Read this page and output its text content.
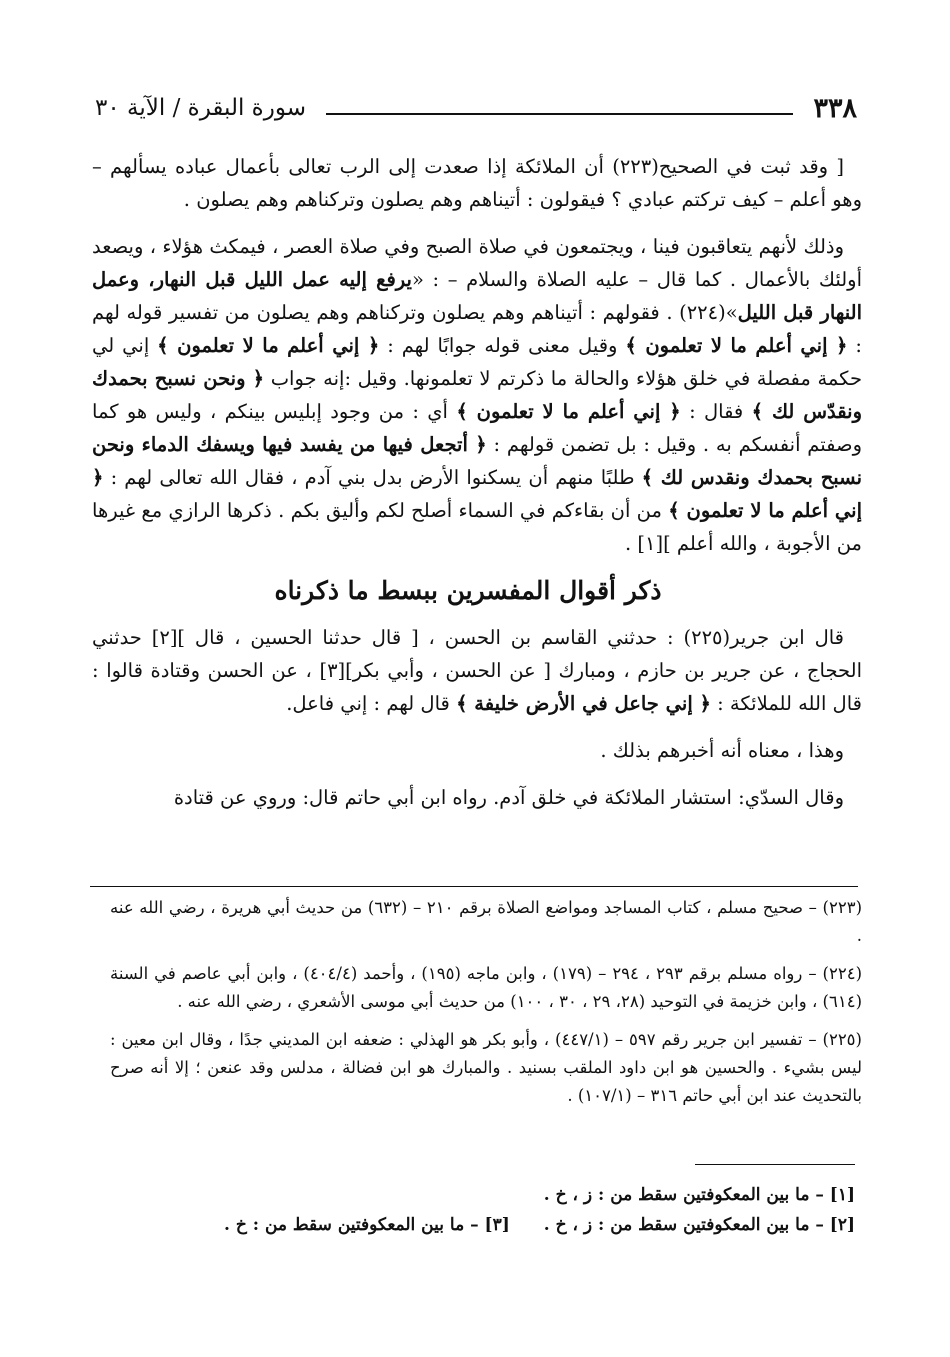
سورة البقرة / الآية ٣٠	٣٣٨

[ وقد ثبت في الصحيح(٢٢٣) أن الملائكة إذا صعدت إلى الرب تعالى بأعمال عباده يسألهم – وهو أعلم – كيف تركتم عبادي ؟ فيقولون : أتيناهم وهم يصلون وتركناهم وهم يصلون .

وذلك لأنهم يتعاقبون فينا ، ويجتمعون في صلاة الصبح وفي صلاة العصر ، فيمكث هؤلاء ، ويصعد أولئك بالأعمال . كما قال – عليه الصلاة والسلام – : «يرفع إليه عمل الليل قبل النهار، وعمل النهار قبل الليل»(٢٢٤) . فقولهم : أتيناهم وهم يصلون وتركناهم وهم يصلون من تفسير قوله لهم : ﴿ إني أعلم ما لا تعلمون ﴾ وقيل معنى قوله جوابًا لهم : ﴿ إني أعلم ما لا تعلمون ﴾ إني لي حكمة مفصلة في خلق هؤلاء والحالة ما ذكرتم لا تعلمونها. وقيل :إنه جواب ﴿ ونحن نسبح بحمدك ونقدّس لك ﴾ فقال : ﴿ إني أعلم ما لا تعلمون ﴾ أي : من وجود إبليس بينكم ، وليس هو كما وصفتم أنفسكم به . وقيل : بل تضمن قولهم : ﴿ أتجعل فيها من يفسد فيها ويسفك الدماء ونحن نسبح بحمدك ونقدس لك ﴾ طلبًا منهم أن يسكنوا الأرض بدل بني آدم ، فقال الله تعالى لهم : ﴿ إني أعلم ما لا تعلمون ﴾ من أن بقاءكم في السماء أصلح لكم وأليق بكم . ذكرها الرازي مع غيرها من الأجوبة ، والله أعلم ][١] .

ذكر أقوال المفسرين ببسط ما ذكرناه

قال ابن جرير(٢٢٥) : حدثني القاسم بن الحسن ، [ قال حدثنا الحسين ، قال ][٢] حدثني الحجاج ، عن جرير بن حازم ، ومبارك [ عن الحسن ، وأبي بكر][٣] ، عن الحسن وقتادة قالوا : قال الله للملائكة : ﴿ إني جاعل في الأرض خليفة ﴾ قال لهم : إني فاعل.

وهذا ، معناه أنه أخبرهم بذلك .

وقال السدّي: استشار الملائكة في خلق آدم. رواه ابن أبي حاتم قال: وروي عن قتادة

(٢٢٣) – صحيح مسلم ، كتاب المساجد ومواضع الصلاة برقم ٢١٠ – (٦٣٢) من حديث أبي هريرة ، رضي الله عنه .

(٢٢٤) – رواه مسلم برقم ٢٩٣ ، ٢٩٤ – (١٧٩) ، وابن ماجه (١٩٥) ، وأحمد (٤٠٤/٤) ، وابن أبي عاصم في السنة (٦١٤) ، وابن خزيمة في التوحيد (٢٨، ٢٩ ، ٣٠ ، ١٠٠) من حديث أبي موسى الأشعري ، رضي الله عنه .

(٢٢٥) – تفسير ابن جرير رقم ٥٩٧ – (٤٤٧/١) ، وأبو بكر هو الهذلي : ضعفه ابن المديني جدًا ، وقال ابن معين : ليس بشيء . والحسين هو ابن داود الملقب بسنيد . والمبارك هو ابن فضالة ، مدلس وقد عنعن ؛ إلا أنه صرح بالتحديث عند ابن أبي حاتم ٣١٦ – (١٠٧/١) .

[١] – ما بين المعكوفتين سقط من : ز ، خ .
[٢] – ما بين المعكوفتين سقط من : ز ، خ .[٣] – ما بين المعكوفتين سقط من : خ .
